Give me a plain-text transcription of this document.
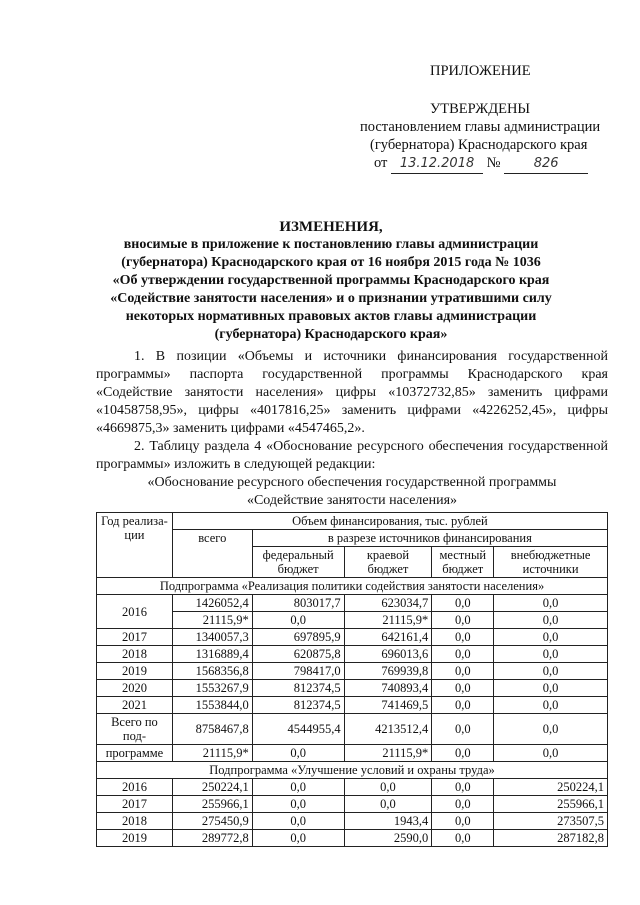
ПРИЛОЖЕНИЕ
УТВЕРЖДЕНЫ
постановлением главы администрации
(губернатора) Краснодарского края
от 13.12.2018 №	826
ИЗМЕНЕНИЯ,
вносимые в приложение к постановлению главы администрации
(губернатора) Краснодарского края от 16 ноября 2015 года № 1036
«Об утверждении государственной программы Краснодарского края
«Содействие занятости населения» и о признании утратившими силу
некоторых нормативных правовых актов главы администрации
(губернатора) Краснодарского края»

1. В позиции «Объемы и источники финансирования государственной программы» паспорта государственной программы Краснодарского края «Содействие занятости населения» цифры «10372732,85» заменить цифрами «10458758,95», цифры «4017816,25» заменить цифрами «4226252,45», цифры «4669875,3» заменить цифрами «4547465,2».

2. Таблицу раздела 4 «Обоснование ресурсного обеспечения государственной программы» изложить в следующей редакции:

«Обоснование ресурсного обеспечения государственной программы

«Содействие занятости населения»

Год реализа-ции	Объем финансирования, тыс. рублей				
	всего	в разрезе источников финансирования			
		федеральный бюджет	краевой бюджет	местный бюджет	внебюджетные источники
Подпрограмма «Реализация политики содействия занятости населения»					
2016	1426052,4	803017,7	623034,7	0,0	0,0
	21115,9*	0,0	21115,9*	0,0	0,0
2017	1340057,3	697895,9	642161,4	0,0	0,0
2018	1316889,4	620875,8	696013,6	0,0	0,0
2019	1568356,8	798417,0	769939,8	0,0	0,0
2020	1553267,9	812374,5	740893,4	0,0	0,0
2021	1553844,0	812374,5	741469,5	0,0	0,0
Всего по под-	8758467,8	4544955,4	4213512,4	0,0	0,0
программе	21115,9*	0,0	21115,9*	0,0	0,0
Подпрограмма «Улучшение условий и охраны труда»					
2016	250224,1	0,0	0,0	0,0	250224,1
2017	255966,1	0,0	0,0	0,0	255966,1
2018	275450,9	0,0	1943,4	0,0	273507,5
2019	289772,8	0,0	2590,0	0,0	287182,8
